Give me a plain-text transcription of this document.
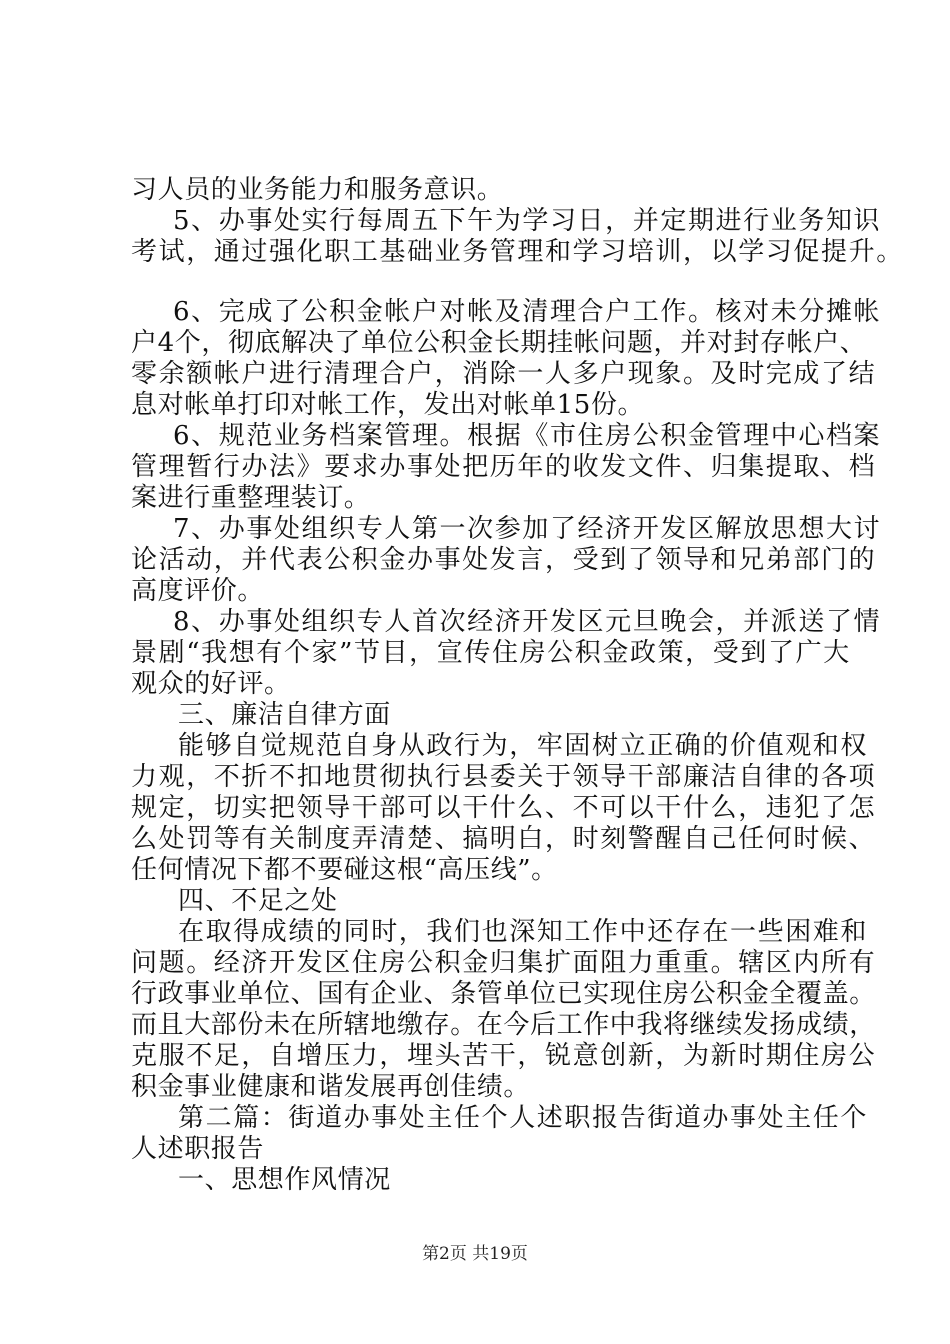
习人员的业务能力和服务意识。
5、办事处实行每周五下午为学习日，并定期进行业务知识
考试，通过强化职工基础业务管理和学习培训，以学习促提升。
6、完成了公积金帐户对帐及清理合户工作。核对未分摊帐
户4个，彻底解决了单位公积金长期挂帐问题，并对封存帐户、
零余额帐户进行清理合户，消除一人多户现象。及时完成了结
息对帐单打印对帐工作，发出对帐单15份。
6、规范业务档案管理。根据《市住房公积金管理中心档案
管理暂行办法》要求办事处把历年的收发文件、归集提取、档
案进行重整理装订。
7、办事处组织专人第一次参加了经济开发区解放思想大讨
论活动，并代表公积金办事处发言，受到了领导和兄弟部门的
高度评价。
8、办事处组织专人首次经济开发区元旦晚会，并派送了情
景剧“我想有个家”节目，宣传住房公积金政策，受到了广大
观众的好评。
三、廉洁自律方面
能够自觉规范自身从政行为，牢固树立正确的价值观和权
力观，不折不扣地贯彻执行县委关于领导干部廉洁自律的各项
规定，切实把领导干部可以干什么、不可以干什么，违犯了怎
么处罚等有关制度弄清楚、搞明白，时刻警醒自己任何时候、
任何情况下都不要碰这根“高压线”。
四、不足之处
在取得成绩的同时，我们也深知工作中还存在一些困难和
问题。经济开发区住房公积金归集扩面阻力重重。辖区内所有
行政事业单位、国有企业、条管单位已实现住房公积金全覆盖。
而且大部份未在所辖地缴存。在今后工作中我将继续发扬成绩，
克服不足，自增压力，埋头苦干，锐意创新，为新时期住房公
积金事业健康和谐发展再创佳绩。
第二篇：街道办事处主任个人述职报告街道办事处主任个
人述职报告
一、思想作风情况
第2页 共19页
